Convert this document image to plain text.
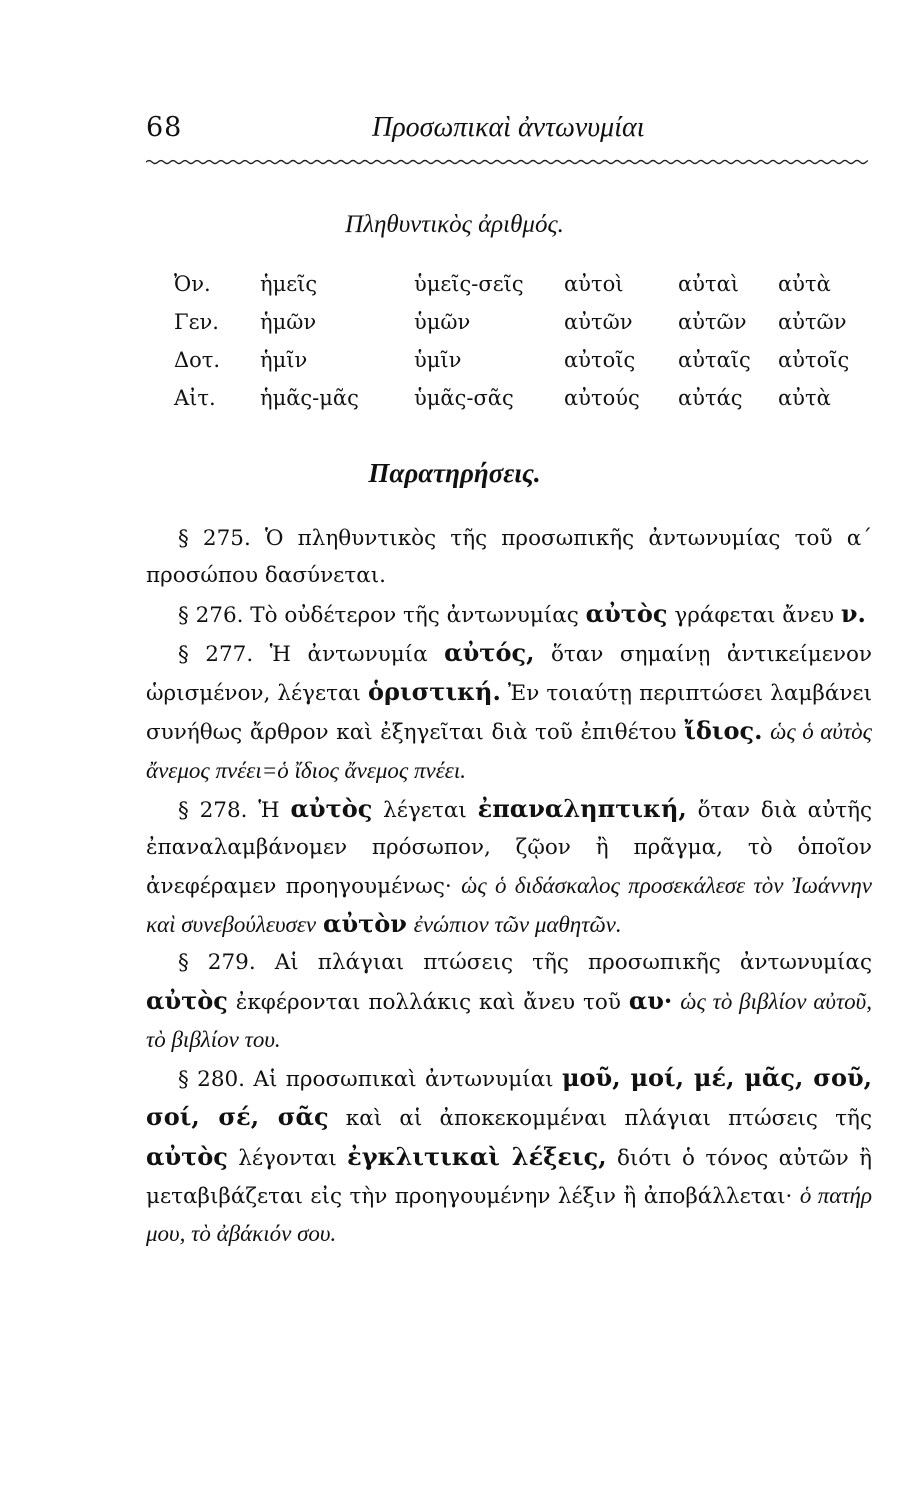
68	Προσωπικαὶ ἀντωνυμίαι
Πληθυντικὸς ἀριθμός.
Ὀν. ἡμεῖς	ὑμεῖς-σεῖς αὐτοὶ	αὐταὶ αὐτὰ
Γεν. ἡμῶν	ὑμῶν	αὐτῶν αὐτῶν αὐτῶν
Δοτ. ἡμῖν	ὑμῖν	αὐτοῖς αὐταῖς αὐτοῖς
Αἰτ. ἡμᾶς-μᾶς	ὑμᾶς-σᾶς αὐτούς αὐτάς αὐτὰ
Παρατηρήσεις.

§ 275. Ὁ πληθυντικὸς τῆς προσωπικῆς ἀντωνυμίας τοῦ α΄ προσώπου δασύνεται.

§ 276. Τὸ οὐδέτερον τῆς ἀντωνυμίας αὐτὸς γράφεται ἄνευ ν.

§ 277. Ἡ ἀντωνυμία αὐτός, ὅταν σημαίνῃ ἀντικείμενον ὡρισμένον, λέγεται ὁριστική. Ἐν τοιαύτῃ περιπτώσει λαμβάνει συνήθως ἄρθρον καὶ ἐξηγεῖται διὰ τοῦ ἐπιθέτου ἴδιος. ὡς ὁ αὐτὸς ἄνεμος πνέει=ὁ ἴδιος ἄνεμος πνέει.

§ 278. Ἡ αὐτὸς λέγεται ἐπαναληπτική, ὅταν διὰ αὐτῆς ἐπαναλαμβάνομεν πρόσωπον, ζῷον ἢ πρᾶγμα, τὸ ὁποῖον ἀνεφέραμεν προηγουμένως· ὡς ὁ διδάσκαλος προσεκάλεσε τὸν Ἰωάννην καὶ συνεβούλευσεν αὐτὸν ἐνώπιον τῶν μαθητῶν.

§ 279. Αἱ πλάγιαι πτώσεις τῆς προσωπικῆς ἀντωνυμίας αὐτὸς ἐκφέρονται πολλάκις καὶ ἄνευ τοῦ αυ· ὡς τὸ βιβλίον αὐτοῦ, τὸ βιβλίον του.

§ 280. Αἱ προσωπικαὶ ἀντωνυμίαι μοῦ, μοί, μέ, μᾶς, σοῦ, σοί, σέ, σᾶς καὶ αἱ ἀποκεκομμέναι πλάγιαι πτώσεις τῆς αὐτὸς λέγονται ἐγκλιτικαὶ λέξεις, διότι ὁ τόνος αὐτῶν ἢ μεταβιβάζεται εἰς τὴν προηγουμένην λέξιν ἢ ἀποβάλλεται· ὁ πατήρ μου, τὸ ἀβάκιόν σου.
